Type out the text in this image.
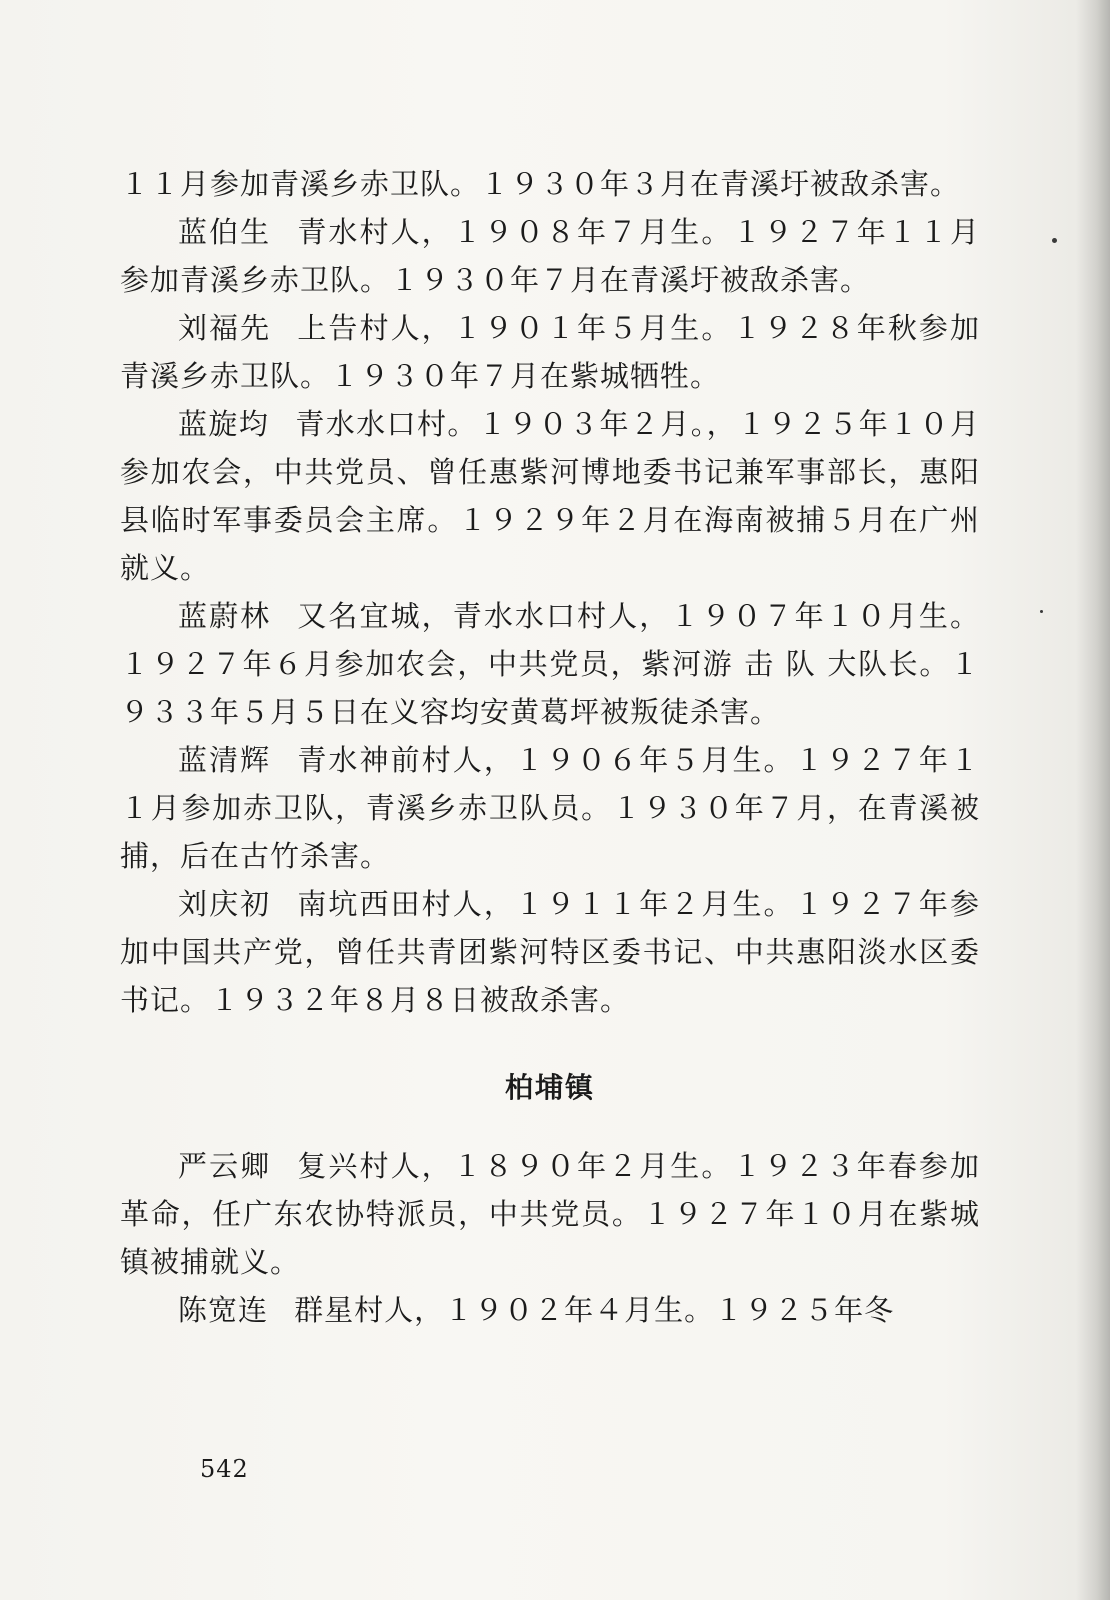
１１月参加青溪乡赤卫队。１９３０年３月在青溪圩被敌杀害。

蓝伯生 青水村人，１９０８年７月生。１９２７年１１月参加青溪乡赤卫队。１９３０年７月在青溪圩被敌杀害。

刘福先 上告村人，１９０１年５月生。１９２８年秋参加青溪乡赤卫队。１９３０年７月在紫城牺牲。

蓝旋均 青水水口村。１９０３年２月。，１９２５年１０月参加农会，中共党员、曾任惠紫河博地委书记兼军事部长，惠阳县临时军事委员会主席。１９２９年２月在海南被捕５月在广州就义。

蓝蔚林 又名宜城，青水水口村人，１９０７年１０月生。１９２７年６月参加农会，中共党员，紫河游 击 队 大队长。１９３３年５月５日在义容均安黄葛坪被叛徒杀害。

蓝清辉 青水神前村人，１９０６年５月生。１９２７年１１月参加赤卫队，青溪乡赤卫队员。１９３０年７月，在青溪被捕，后在古竹杀害。

刘庆初 南坑西田村人，１９１１年２月生。１９２７年参加中国共产党，曾任共青团紫河特区委书记、中共惠阳淡水区委书记。１９３２年８月８日被敌杀害。

柏埔镇

严云卿 复兴村人，１８９０年２月生。１９２３年春参加革命，任广东农协特派员，中共党员。１９２７年１０月在紫城镇被捕就义。

陈宽连 群星村人，１９０２年４月生。１９２５年冬

542
